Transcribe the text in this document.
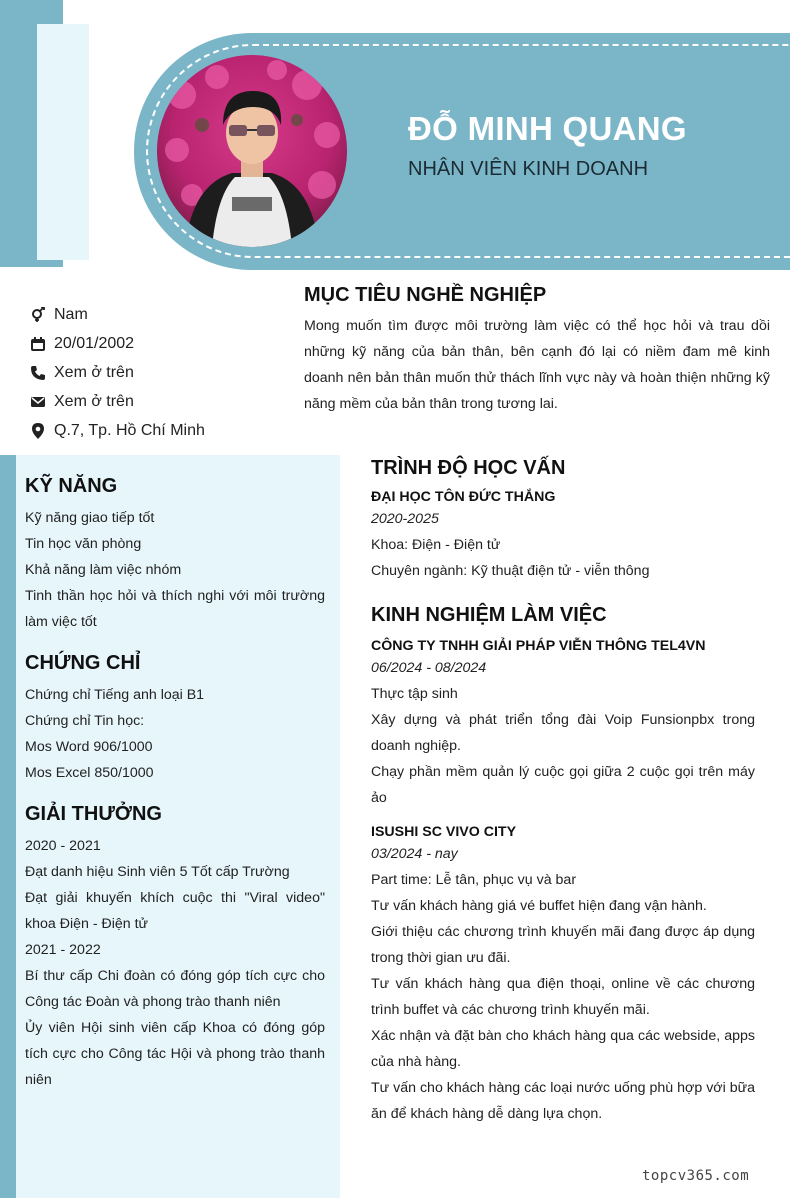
ĐỖ MINH QUANG
NHÂN VIÊN KINH DOANH
Nam
20/01/2002
Xem ở trên
Xem ở trên
Q.7, Tp. Hồ Chí Minh
MỤC TIÊU NGHỀ NGHIỆP
Mong muốn tìm được môi trường làm việc có thể học hỏi và trau dồi những kỹ năng của bản thân, bên cạnh đó lại có niềm đam mê kinh doanh nên bản thân muốn thử thách lĩnh vực này và hoàn thiện những kỹ năng mềm của bản thân trong tương lai.
KỸ NĂNG
Kỹ năng giao tiếp tốt
Tin học văn phòng
Khả năng làm việc nhóm
Tinh thần học hỏi và thích nghi với môi trường làm việc tốt
CHỨNG CHỈ
Chứng chỉ Tiếng anh loại B1
Chứng chỉ Tin học:
Mos Word 906/1000
Mos Excel 850/1000
GIẢI THƯỞNG
2020 - 2021
Đạt danh hiệu Sinh viên 5 Tốt cấp Trường
Đạt giải khuyến khích cuộc thi "Viral video" khoa Điện - Điện tử
2021 - 2022
Bí thư cấp Chi đoàn có đóng góp tích cực cho Công tác Đoàn và phong trào thanh niên
Ủy viên Hội sinh viên cấp Khoa có đóng góp tích cực cho Công tác Hội và phong trào thanh niên
TRÌNH ĐỘ HỌC VẤN
ĐẠI HỌC TÔN ĐỨC THẮNG
2020-2025
Khoa: Điện - Điện tử
Chuyên ngành: Kỹ thuật điện tử - viễn thông
KINH NGHIỆM LÀM VIỆC
CÔNG TY TNHH GIẢI PHÁP VIỄN THÔNG TEL4VN
06/2024 - 08/2024
Thực tập sinh
Xây dựng và phát triển tổng đài Voip Funsionpbx trong doanh nghiệp.
Chạy phần mềm quản lý cuộc gọi giữa 2 cuộc gọi trên máy ảo
ISUSHI SC VIVO CITY
03/2024 - nay
Part time: Lễ tân, phục vụ và bar
Tư vấn khách hàng giá vé buffet hiện đang vận hành.
Giới thiệu các chương trình khuyến mãi đang được áp dụng trong thời gian ưu đãi.
Tư vấn khách hàng qua điện thoại, online về các chương trình buffet và các chương trình khuyến mãi.
Xác nhận và đặt bàn cho khách hàng qua các webside, apps của nhà hàng.
Tư vấn cho khách hàng các loại nước uống phù hợp với bữa ăn để khách hàng dễ dàng lựa chọn.
topcv365.com
